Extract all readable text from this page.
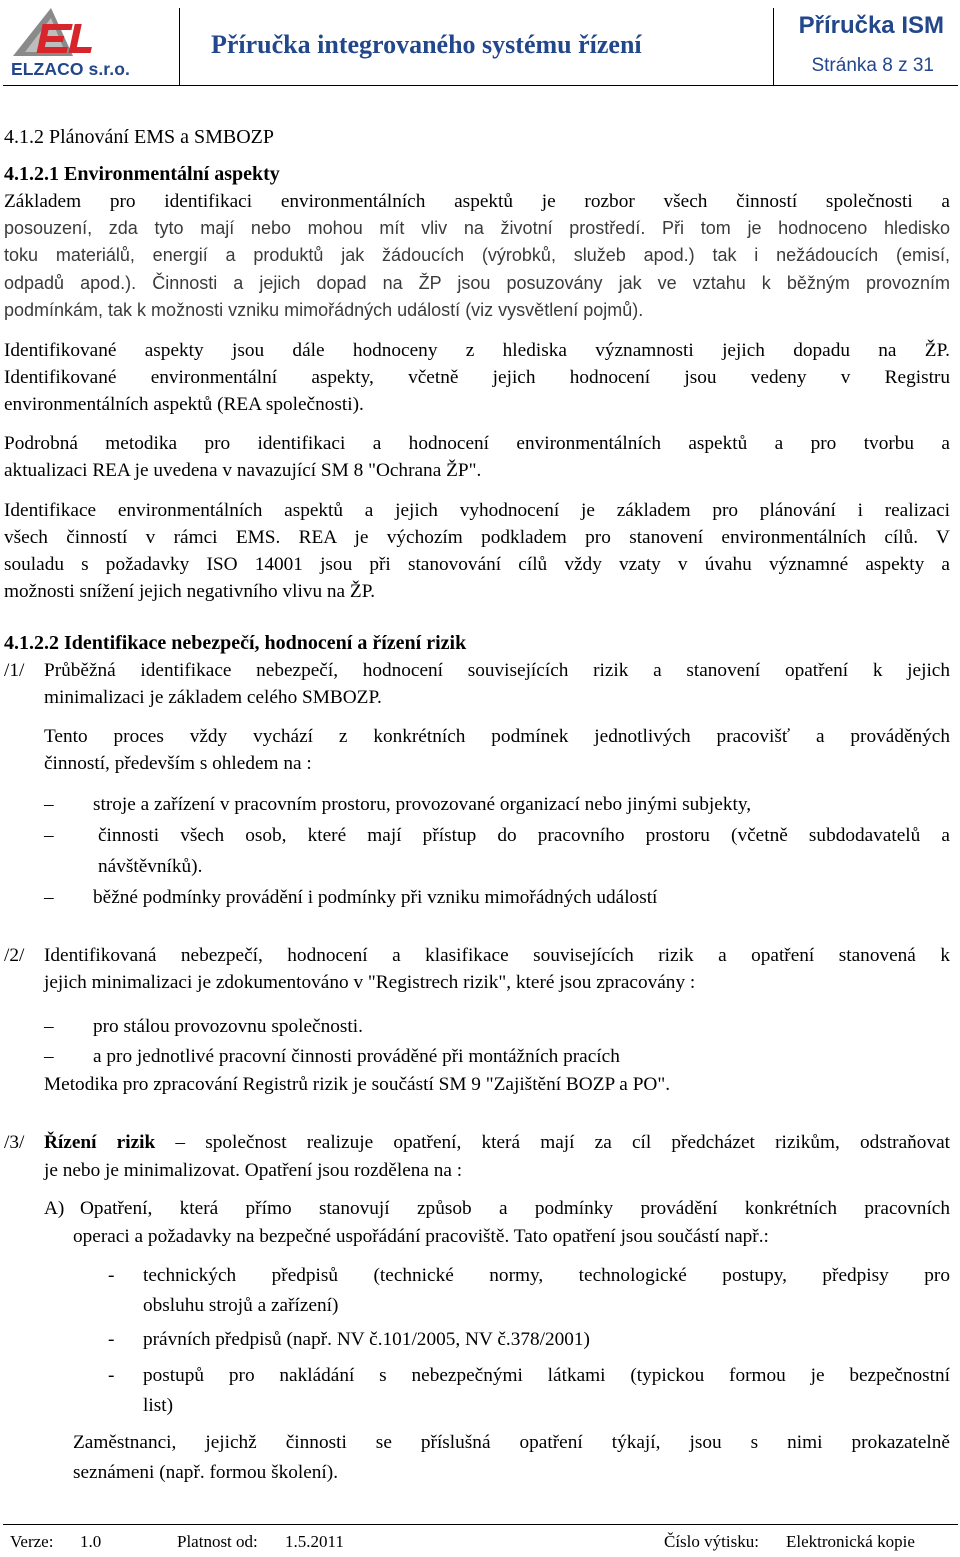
ELZACO s.r.o.
Příručka integrovaného systému řízení
Příručka ISM
Stránka 8 z 31
4.1.2 Plánování EMS a SMBOZP
4.1.2.1 Environmentální aspekty
Základem pro identifikaci environmentálních aspektů je rozbor všech činností společnosti a
posouzení, zda tyto mají nebo mohou mít vliv na životní prostředí. Při tom je hodnoceno hledisko
toku materiálů, energií a produktů jak žádoucích (výrobků, služeb apod.) tak i nežádoucích (emisí,
odpadů apod.). Činnosti a jejich dopad na ŽP jsou posuzovány jak ve vztahu k běžným provozním
podmínkám, tak k možnosti vzniku mimořádných událostí (viz vysvětlení pojmů).
Identifikované aspekty jsou dále hodnoceny z hlediska významnosti jejich dopadu na ŽP.
Identifikované environmentální aspekty, včetně jejich hodnocení jsou vedeny v Registru
environmentálních aspektů (REA společnosti).
Podrobná metodika pro identifikaci a hodnocení environmentálních aspektů a pro tvorbu a
aktualizaci REA je uvedena v navazující SM 8 "Ochrana ŽP".
Identifikace environmentálních aspektů a jejich vyhodnocení je základem pro plánování i realizaci
všech činností v rámci EMS. REA je výchozím podkladem pro stanovení environmentálních cílů. V
souladu s požadavky ISO 14001 jsou při stanovování cílů vždy vzaty v úvahu významné aspekty a
možnosti snížení jejich negativního vlivu na ŽP.
4.1.2.2 Identifikace nebezpečí, hodnocení a řízení rizik
/1/ Průběžná identifikace nebezpečí, hodnocení souvisejících rizik a stanovení opatření k jejich
minimalizaci je základem celého SMBOZP.
Tento proces vždy vychází z konkrétních podmínek jednotlivých pracovišť a prováděných
činností, především s ohledem na :
– stroje a zařízení v pracovním prostoru, provozované organizací nebo jinými subjekty,
– činnosti všech osob, které mají přístup do pracovního prostoru (včetně subdodavatelů a
návštěvníků).
– běžné podmínky provádění i podmínky při vzniku mimořádných událostí
/2/ Identifikovaná nebezpečí, hodnocení a klasifikace souvisejících rizik a opatření stanovená k
jejich minimalizaci je zdokumentováno v "Registrech rizik", které jsou zpracovány :
– pro stálou provozovnu společnosti.
– a pro jednotlivé pracovní činnosti prováděné při montážních pracích
Metodika pro zpracování Registrů rizik je součástí SM 9 "Zajištění BOZP a PO".
/3/ Řízení rizik – společnost realizuje opatření, která mají za cíl předcházet rizikům, odstraňovat
je nebo je minimalizovat. Opatření jsou rozdělena na :
A) Opatření, která přímo stanovují způsob a podmínky provádění konkrétních pracovních
operaci a požadavky na bezpečné uspořádání pracoviště. Tato opatření jsou součástí např.:
- technických předpisů (technické normy, technologické postupy, předpisy pro
obsluhu strojů a zařízení)
- právních předpisů (např. NV č.101/2005, NV č.378/2001)
- postupů pro nakládání s nebezpečnými látkami (typickou formou je bezpečnostní
list)
Zaměstnanci, jejichž činnosti se příslušná opatření týkají, jsou s nimi prokazatelně
seznámeni (např. formou školení).
Verze: 1.0	Platnost od: 1.5.2011	Číslo výtisku: Elektronická kopie
